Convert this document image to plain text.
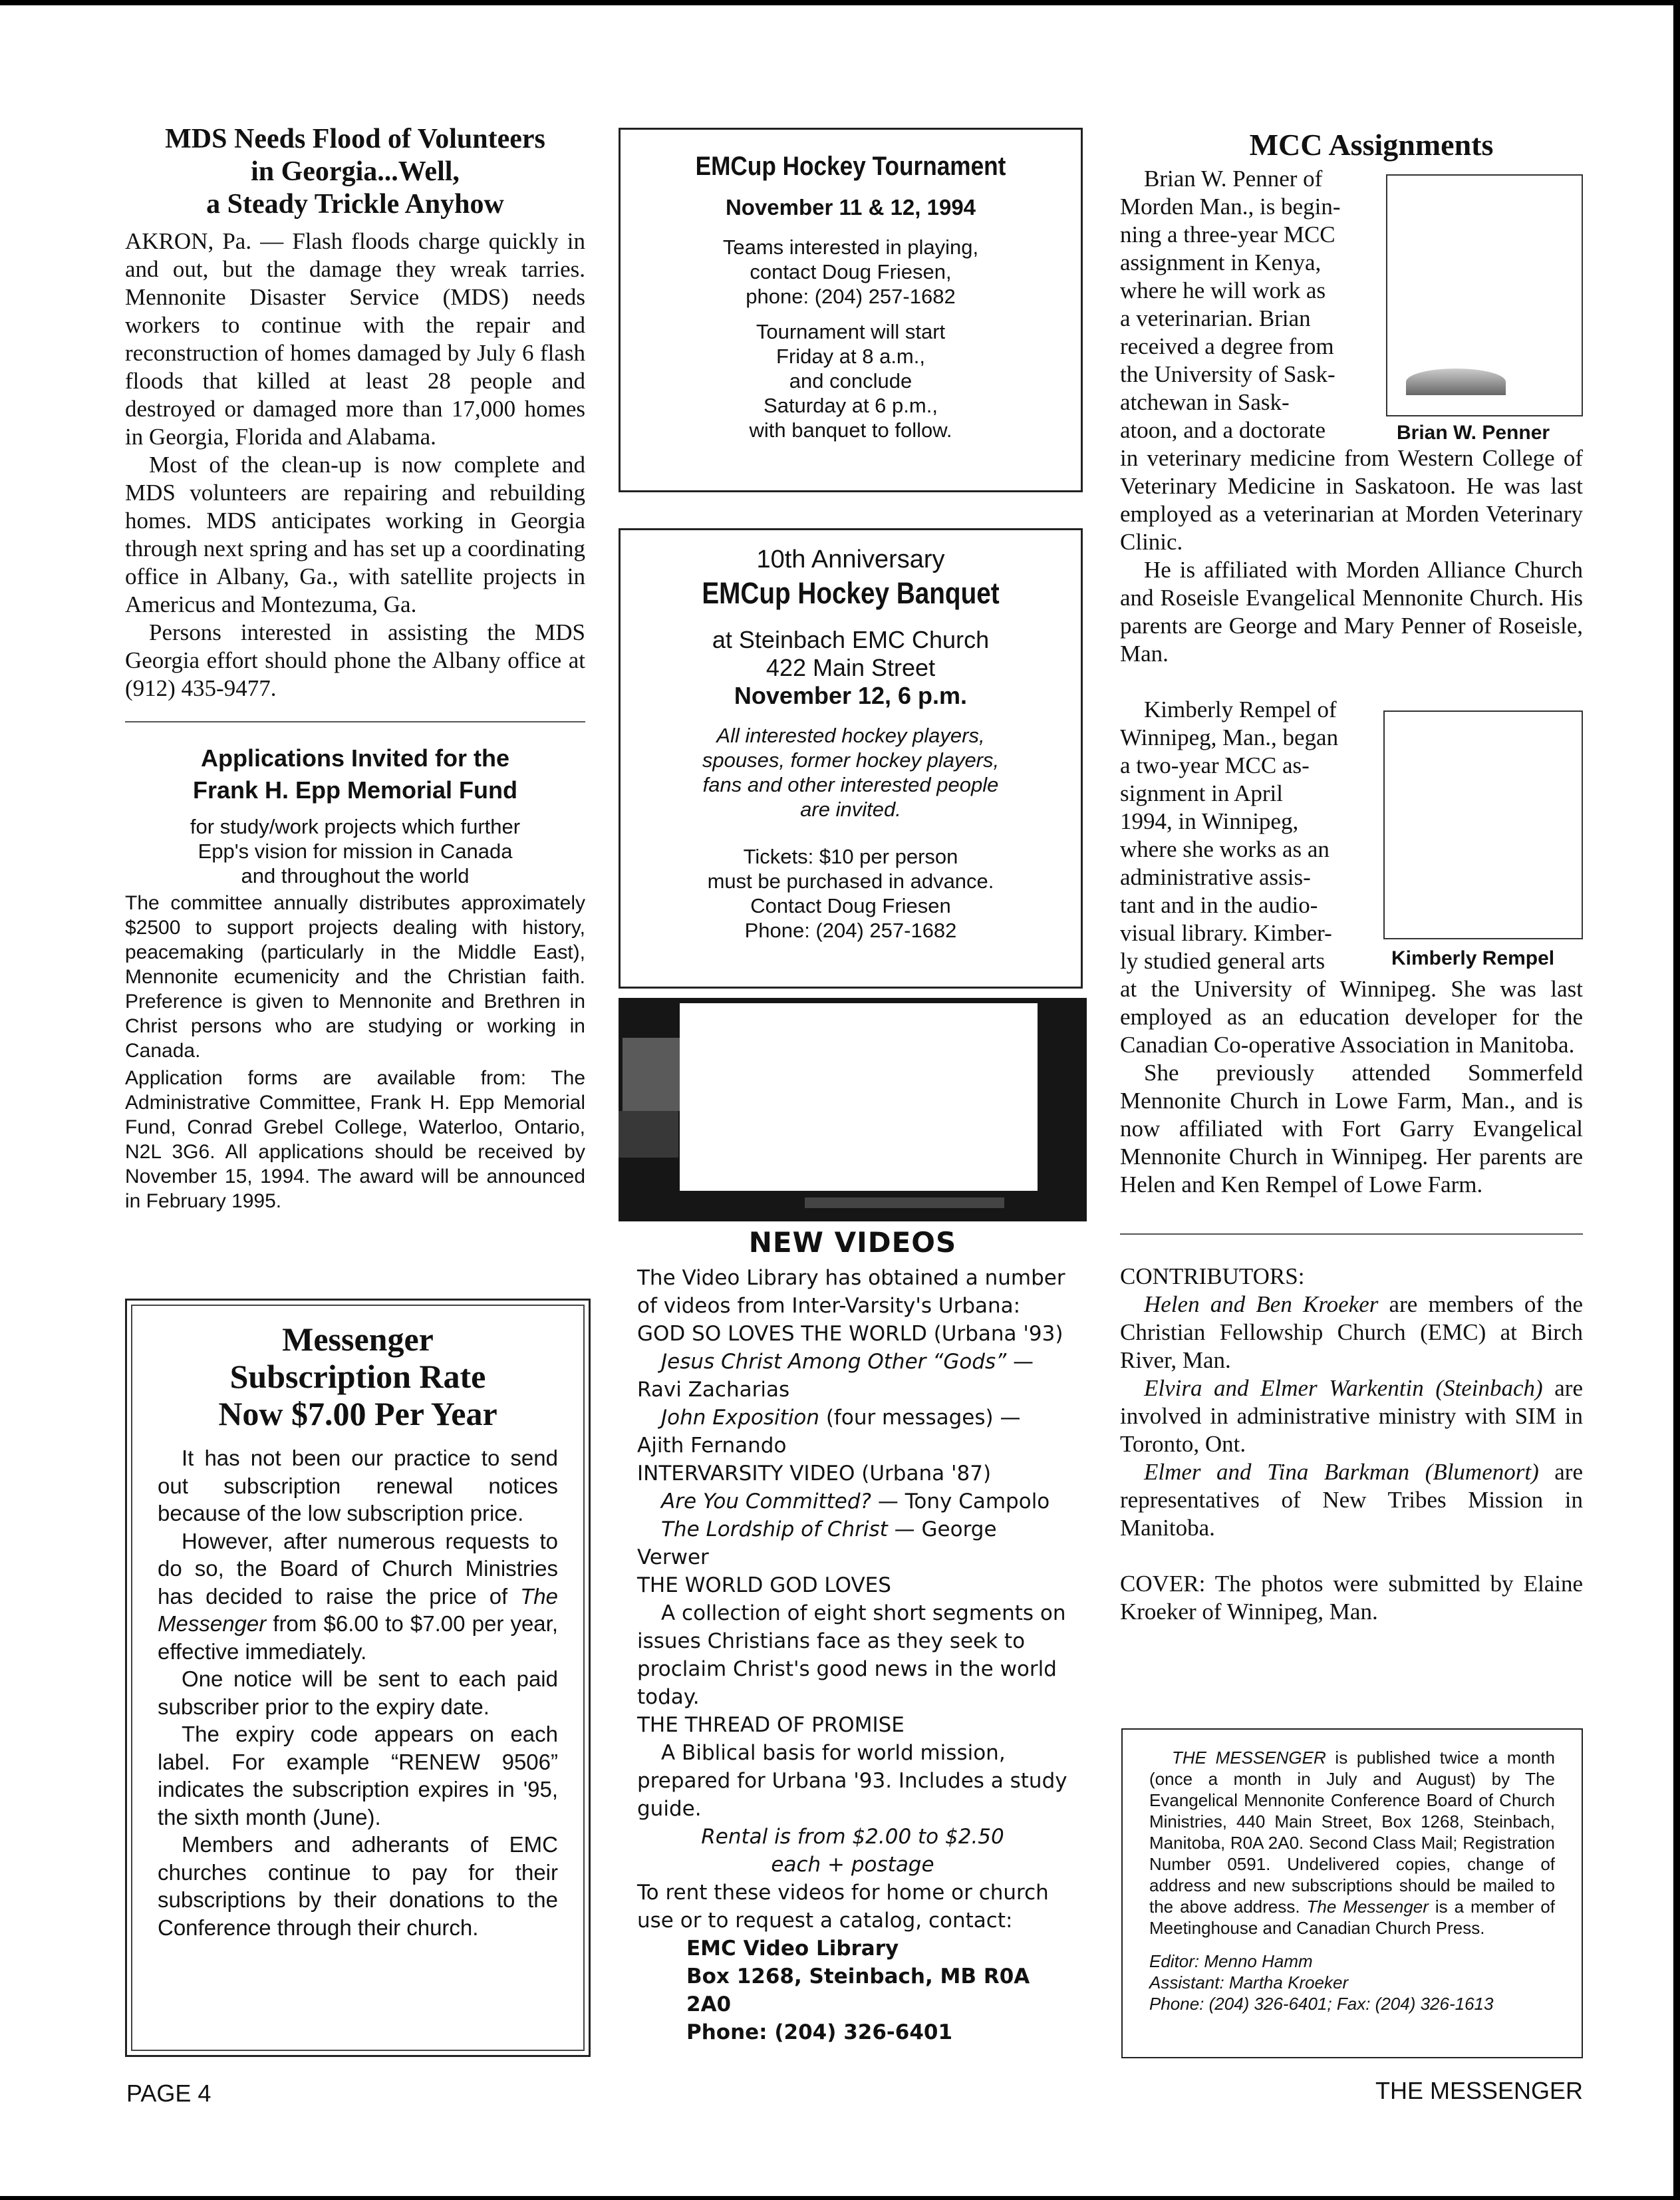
MDS Needs Flood of Volunteers
in Georgia...Well,
a Steady Trickle Anyhow

AKRON, Pa. — Flash floods charge quickly in and out, but the damage they wreak tarries. Mennonite Disaster Service (MDS) needs workers to continue with the repair and reconstruction of homes damaged by July 6 flash floods that killed at least 28 people and destroyed or damaged more than 17,000 homes in Georgia, Florida and Alabama.

Most of the clean-up is now complete and MDS volunteers are repairing and rebuilding homes. MDS anticipates working in Georgia through next spring and has set up a coordinating office in Albany, Ga., with satellite projects in Americus and Montezuma, Ga.

Persons interested in assisting the MDS Georgia effort should phone the Albany office at (912) 435-9477.

Applications Invited for the
Frank H. Epp Memorial Fund
for study/work projects which further
Epp's vision for mission in Canada
and throughout the world

The committee annually distributes approximately $2500 to support projects dealing with history, peacemaking (particularly in the Middle East), Mennonite ecumenicity and the Christian faith. Preference is given to Mennonite and Brethren in Christ persons who are studying or working in Canada.

Application forms are available from: The Administrative Committee, Frank H. Epp Memorial Fund, Conrad Grebel College, Waterloo, Ontario, N2L 3G6. All applications should be received by November 15, 1994. The award will be announced in February 1995.

Messenger
Subscription Rate
Now $7.00 Per Year

It has not been our practice to send out subscription renewal notices because of the low subscription price.

However, after numerous requests to do so, the Board of Church Ministries has decided to raise the price of The Messenger from $6.00 to $7.00 per year, effective immediately.

One notice will be sent to each paid subscriber prior to the expiry date.

The expiry code appears on each label. For example “RENEW 9506” indicates the subscription expires in '95, the sixth month (June).

Members and adherants of EMC churches continue to pay for their subscriptions by their donations to the Conference through their church.

EMCup Hockey Tournament
November 11 & 12, 1994
Teams interested in playing,
contact Doug Friesen,
phone: (204) 257-1682
Tournament will start
Friday at 8 a.m.,
and conclude
Saturday at 6 p.m.,
with banquet to follow.
10th Anniversary
EMCup Hockey Banquet
at Steinbach EMC Church
422 Main Street
November 12, 6 p.m.
All interested hockey players,
spouses, former hockey players,
fans and other interested people
are invited.
Tickets: $10 per person
must be purchased in advance.
Contact Doug Friesen
Phone: (204) 257-1682
NEW VIDEOS

The Video Library has obtained a number of videos from Inter-Varsity's Urbana:

GOD SO LOVES THE WORLD (Urbana '93)

Jesus Christ Among Other “Gods” — Ravi Zacharias

John Exposition (four messages) — Ajith Fernando

INTERVARSITY VIDEO (Urbana '87)

Are You Committed? — Tony Campolo

The Lordship of Christ — George Verwer

THE WORLD GOD LOVES

A collection of eight short segments on issues Christians face as they seek to proclaim Christ's good news in the world today.

THE THREAD OF PROMISE

A Biblical basis for world mission, prepared for Urbana '93. Includes a study guide.

Rental is from $2.00 to $2.50
each + postage

To rent these videos for home or church use or to request a catalog, contact:

EMC Video Library
Box 1268, Steinbach, MB R0A 2A0
Phone: (204) 326-6401
MCC Assignments
Brian W. Penner of
Morden Man., is begin-
ning a three-year MCC
assignment in Kenya,
where he will work as
a veterinarian. Brian
received a degree from
the University of Sask-
atchewan in Sask-
atoon, and a doctorate

in veterinary medicine from Western College of Veterinary Medicine in Saskatoon. He was last employed as a veterinarian at Morden Veterinary Clinic.

He is affiliated with Morden Alliance Church and Roseisle Evangelical Mennonite Church. His parents are George and Mary Penner of Roseisle, Man.

Kimberly Rempel of
Winnipeg, Man., began
a two-year MCC as-
signment in April
1994, in Winnipeg,
where she works as an
administrative assis-
tant and in the audio-
visual library. Kimber-
ly studied general arts

at the University of Winnipeg. She was last employed as an education developer for the Canadian Co-operative Association in Manitoba.

She previously attended Sommerfeld Mennonite Church in Lowe Farm, Man., and is now affiliated with Fort Garry Evangelical Mennonite Church in Winnipeg. Her parents are Helen and Ken Rempel of Lowe Farm.

CONTRIBUTORS:

Helen and Ben Kroeker are members of the Christian Fellowship Church (EMC) at Birch River, Man.

Elvira and Elmer Warkentin (Steinbach) are involved in administrative ministry with SIM in Toronto, Ont.

Elmer and Tina Barkman (Blumenort) are representatives of New Tribes Mission in Manitoba.

COVER: The photos were submitted by Elaine Kroeker of Winnipeg, Man.

Brian W. Penner
Kimberly Rempel

THE MESSENGER is published twice a month (once a month in July and August) by The Evangelical Mennonite Conference Board of Church Ministries, 440 Main Street, Box 1268, Steinbach, Manitoba, R0A 2A0. Second Class Mail; Registration Number 0591. Undelivered copies, change of address and new subscriptions should be mailed to the above address. The Messenger is a member of Meetinghouse and Canadian Church Press.

Editor: Menno Hamm
Assistant: Martha Kroeker
Phone: (204) 326-6401; Fax: (204) 326-1613
PAGE 4	THE MESSENGER
